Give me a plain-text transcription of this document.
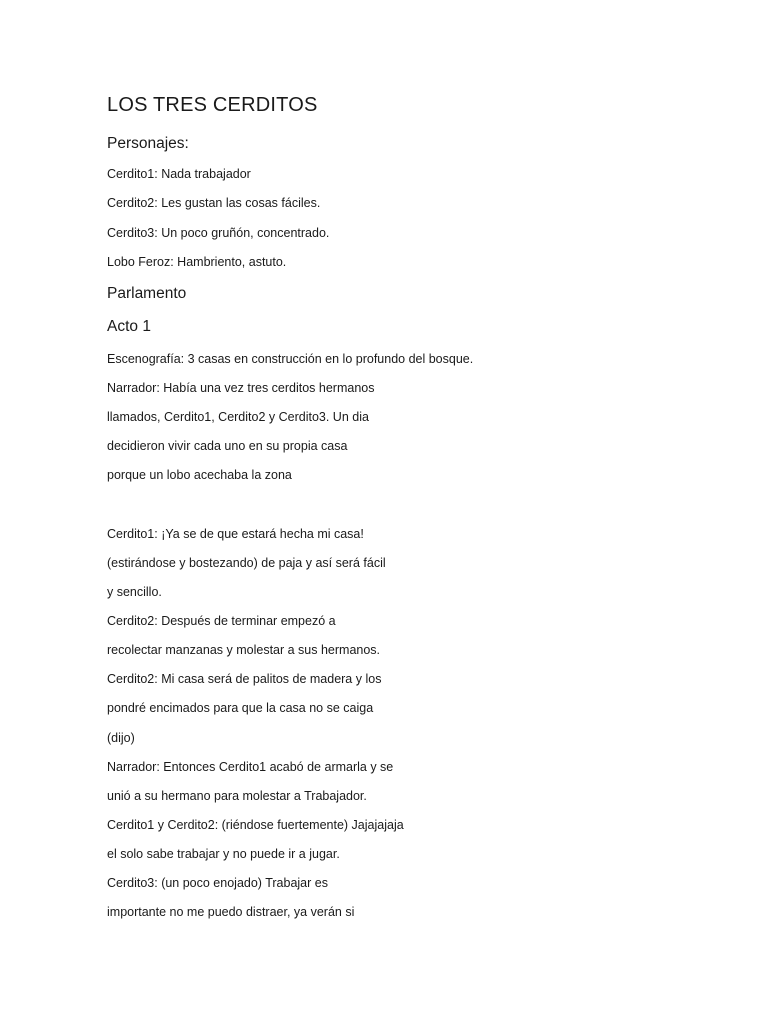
LOS TRES CERDITOS
Personajes:
Cerdito1: Nada trabajador
Cerdito2: Les gustan las cosas fáciles.
Cerdito3: Un poco gruñón, concentrado.
Lobo Feroz: Hambriento, astuto.
Parlamento
Acto 1
Escenografía: 3 casas en construcción en lo profundo del bosque.
Narrador: Había una vez tres cerditos hermanos
llamados, Cerdito1, Cerdito2 y Cerdito3. Un dia
decidieron vivir cada uno en su propia casa
porque un lobo acechaba la zona
Cerdito1: ¡Ya se de que estará hecha mi casa!
(estirándose y bostezando) de paja y así será fácil
y sencillo.
Cerdito2: Después de terminar empezó a
recolectar manzanas y molestar a sus hermanos.
Cerdito2: Mi casa será de palitos de madera y los
pondré encimados para que la casa no se caiga
(dijo)
Narrador: Entonces Cerdito1 acabó de armarla y se
unió a su hermano para molestar a Trabajador.
Cerdito1 y Cerdito2: (riéndose fuertemente) Jajajajaja
el solo sabe trabajar y no puede ir a jugar.
Cerdito3: (un poco enojado) Trabajar es
importante no me puedo distraer, ya verán si
